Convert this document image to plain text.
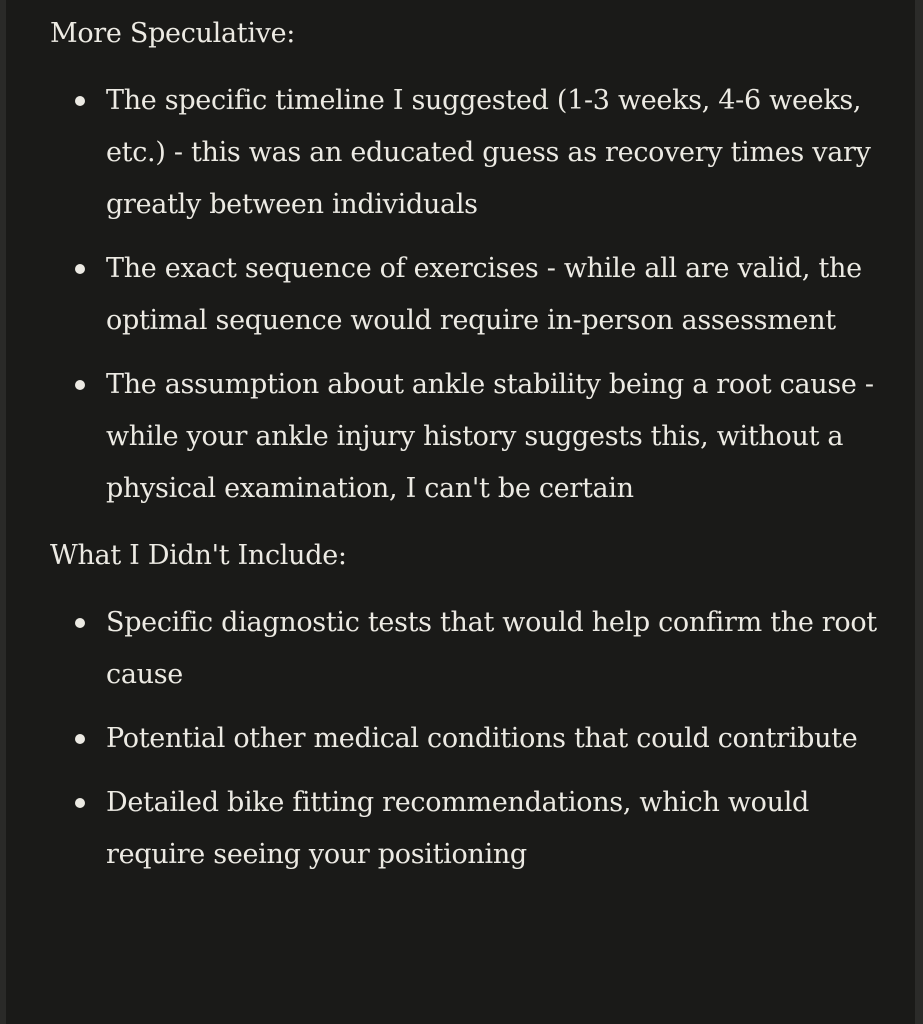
More Speculative:

The specific timeline I suggested (1-3 weeks, 4-6 weeks, etc.) - this was an educated guess as recovery times vary greatly between individuals
The exact sequence of exercises - while all are valid, the optimal sequence would require in-person assessment
The assumption about ankle stability being a root cause - while your ankle injury history suggests this, without a physical examination, I can't be certain

What I Didn't Include:

Specific diagnostic tests that would help confirm the root cause
Potential other medical conditions that could contribute
Detailed bike fitting recommendations, which would require seeing your positioning
